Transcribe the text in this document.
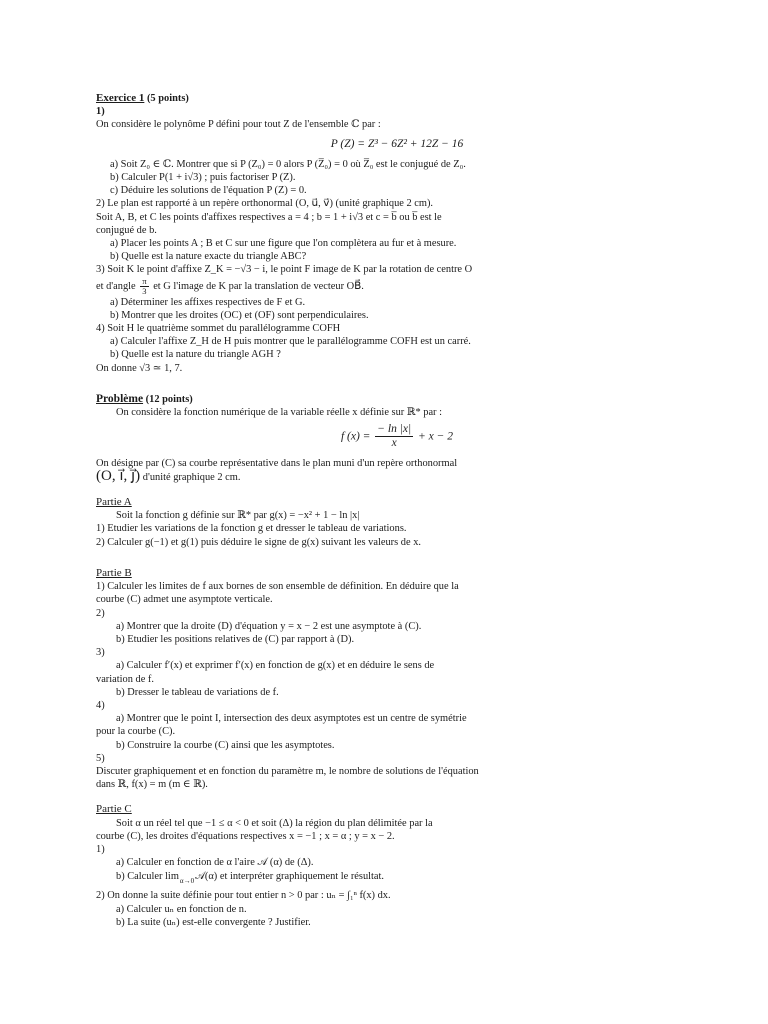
Exercice 1 (5 points)
1)
On considère le polynôme P défini pour tout Z de l'ensemble ℂ par :
P (Z) = Z³ − 6Z² + 12Z − 16
a) Soit Z₀ ∈ ℂ. Montrer que si P (Z₀) = 0 alors P (Z̅₀) = 0 où Z̅₀ est le conjugué de Z₀.
b) Calculer P(1 + i√3) ; puis factoriser P (Z).
c) Déduire les solutions de l'équation P (Z) = 0.
2) Le plan est rapporté à un repère orthonormal (O, u⃗, v⃗) (unité graphique 2 cm).
Soit A, B, et C les points d'affixes respectives a = 4 ; b = 1 + i√3 et c = b̅ ou b̅ est le
conjugué de b.
a) Placer les points A ; B et C sur une figure que l'on complètera au fur et à mesure.
b) Quelle est la nature exacte du triangle ABC?
3) Soit K le point d'affixe Z_K = −√3 − i, le point F image de K par la rotation de centre O
et d'angle $\frac{\pi}{3}$ et G l'image de K par la translation de vecteur OB⃗.
a) Déterminer les affixes respectives de F et G.
b) Montrer que les droites (OC) et (OF) sont perpendiculaires.
4) Soit H le quatrième sommet du parallélogramme COFH
a) Calculer l'affixe Z_H de H puis montrer que le parallélogramme COFH est un carré.
b) Quelle est la nature du triangle AGH ?
On donne √3 ≃ 1, 7.
Problème (12 points)
On considère la fonction numérique de la variable réelle x définie sur ℝ* par :
f $(x) = \frac{- \ln |x|}{x} + x - 2$
On désigne par (C) sa courbe représentative dans le plan muni d'un repère orthonormal
(O, i⃗, j⃗) d'unité graphique 2 cm.
Partie A
Soit la fonction g définie sur ℝ* par g(x) = −x² + 1 − ln |x|
1) Etudier les variations de la fonction g et dresser le tableau de variations.
2) Calculer g(−1) et g(1) puis déduire le signe de g(x) suivant les valeurs de x.
Partie B
1) Calculer les limites de f aux bornes de son ensemble de définition. En déduire que la
courbe (C) admet une asymptote verticale.
2)
a) Montrer que la droite (D) d'équation y = x − 2 est une asymptote à (C).
b) Etudier les positions relatives de (C) par rapport à (D).
3)
a) Calculer f′(x) et exprimer f′(x) en fonction de g(x) et en déduire le sens de
variation de f.
b) Dresser le tableau de variations de f.
4)
a) Montrer que le point I, intersection des deux asymptotes est un centre de symétrie
pour la courbe (C).
b) Construire la courbe (C) ainsi que les asymptotes.
5)
Discuter graphiquement et en fonction du paramètre m, le nombre de solutions de l'équation
dans ℝ, f(x) = m (m ∈ ℝ).
Partie C
Soit α un réel tel que −1 ≤ α < 0 et soit (Δ) la région du plan délimitée par la
courbe (C), les droites d'équations respectives x = −1 ; x = α ; y = x − 2.
1)
a) Calculer en fonction de α l'aire 𝒜 (α) de (Δ).
b) Calculer limα→0𝒜(α) et interpréter graphiquement le résultat.
2) On donne la suite définie pour tout entier n > 0 par : uₙ = ∫₁ⁿ f(x) dx.
a) Calculer uₙ en fonction de n.
b) La suite (uₙ) est-elle convergente ? Justifier.
